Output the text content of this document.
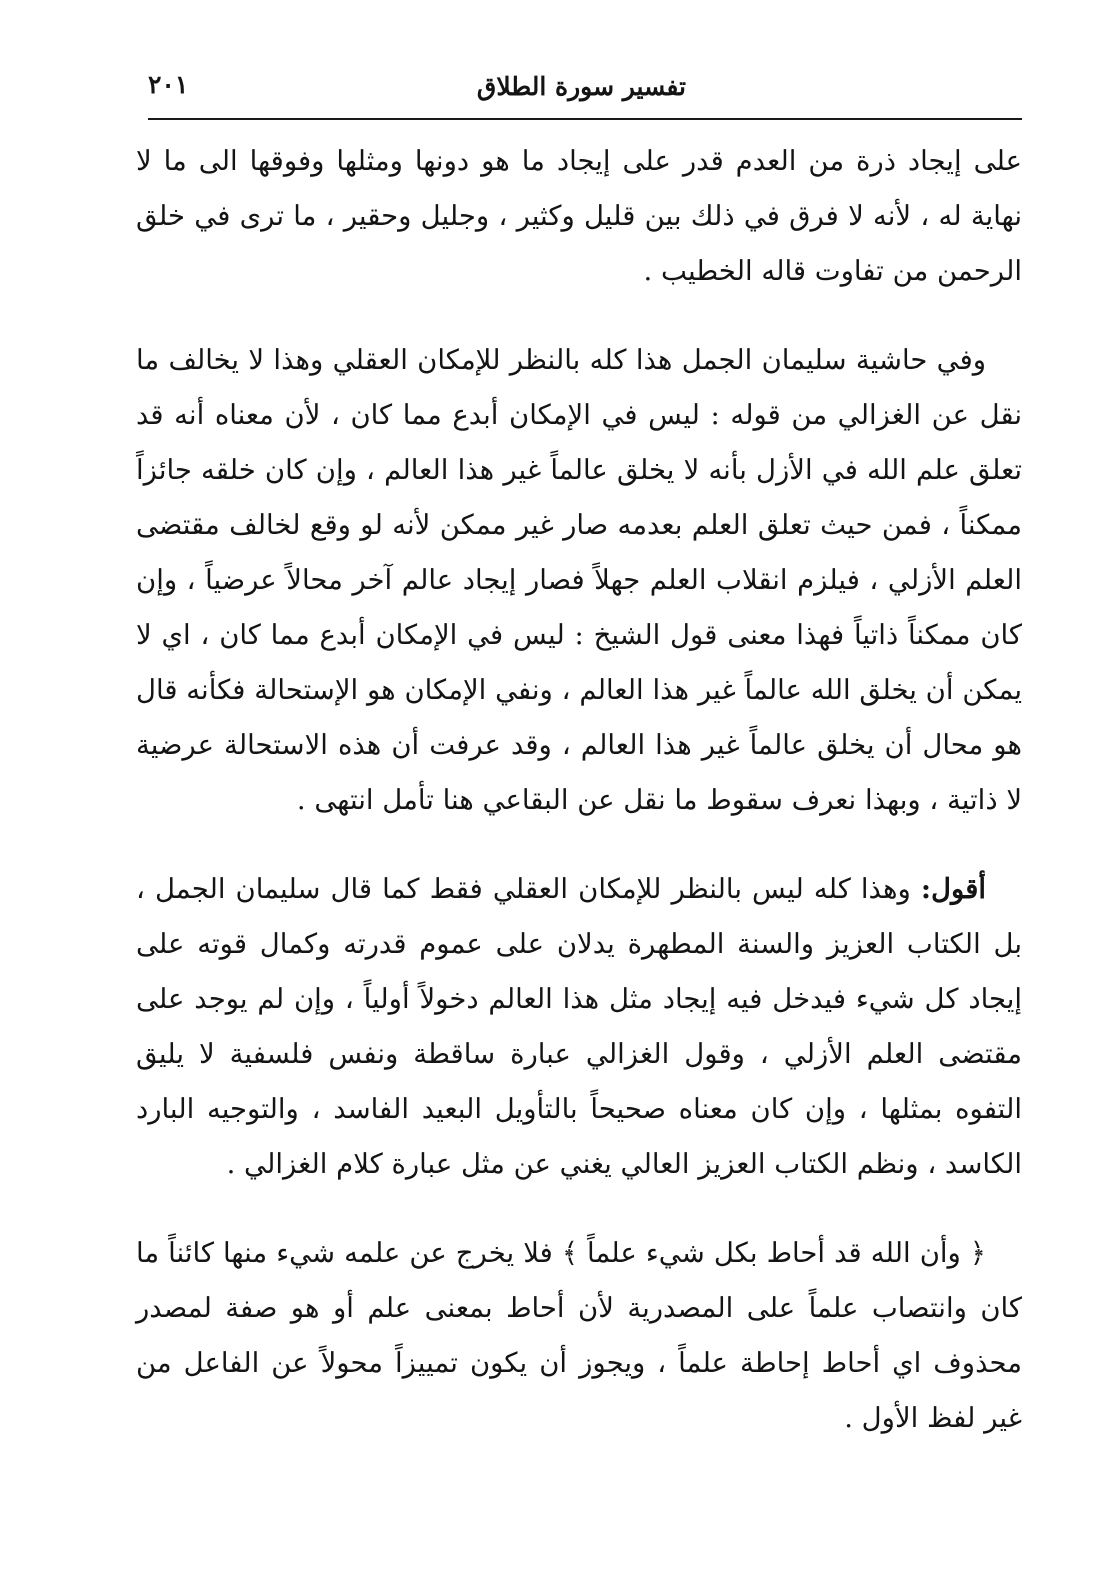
تفسير سورة الطلاق
٢٠١

على إيجاد ذرة من العدم قدر على إيجاد ما هو دونها ومثلها وفوقها الى ما لا نهاية له ، لأنه لا فرق في ذلك بين قليل وكثير ، وجليل وحقير ، ما ترى في خلق الرحمن من تفاوت قاله الخطيب .

وفي حاشية سليمان الجمل هذا كله بالنظر للإمكان العقلي وهذا لا يخالف ما نقل عن الغزالي من قوله : ليس في الإمكان أبدع مما كان ، لأن معناه أنه قد تعلق علم الله في الأزل بأنه لا يخلق عالماً غير هذا العالم ، وإن كان خلقه جائزاً ممكناً ، فمن حيث تعلق العلم بعدمه صار غير ممكن لأنه لو وقع لخالف مقتضى العلم الأزلي ، فيلزم انقلاب العلم جهلاً فصار إيجاد عالم آخر محالاً عرضياً ، وإن كان ممكناً ذاتياً فهذا معنى قول الشيخ : ليس في الإمكان أبدع مما كان ، اي لا يمكن أن يخلق الله عالماً غير هذا العالم ، ونفي الإمكان هو الإستحالة فكأنه قال هو محال أن يخلق عالماً غير هذا العالم ، وقد عرفت أن هذه الاستحالة عرضية لا ذاتية ، وبهذا نعرف سقوط ما نقل عن البقاعي هنا تأمل انتهى .

أقول: وهذا كله ليس بالنظر للإمكان العقلي فقط كما قال سليمان الجمل ، بل الكتاب العزيز والسنة المطهرة يدلان على عموم قدرته وكمال قوته على إيجاد كل شيء فيدخل فيه إيجاد مثل هذا العالم دخولاً أولياً ، وإن لم يوجد على مقتضى العلم الأزلي ، وقول الغزالي عبارة ساقطة ونفس فلسفية لا يليق التفوه بمثلها ، وإن كان معناه صحيحاً بالتأويل البعيد الفاسد ، والتوجيه البارد الكاسد ، ونظم الكتاب العزيز العالي يغني عن مثل عبارة كلام الغزالي .

﴿ وأن الله قد أحاط بكل شيء علماً ﴾ فلا يخرج عن علمه شيء منها كائناً ما كان وانتصاب علماً على المصدرية لأن أحاط بمعنى علم أو هو صفة لمصدر محذوف اي أحاط إحاطة علماً ، ويجوز أن يكون تمييزاً محولاً عن الفاعل من غير لفظ الأول .
